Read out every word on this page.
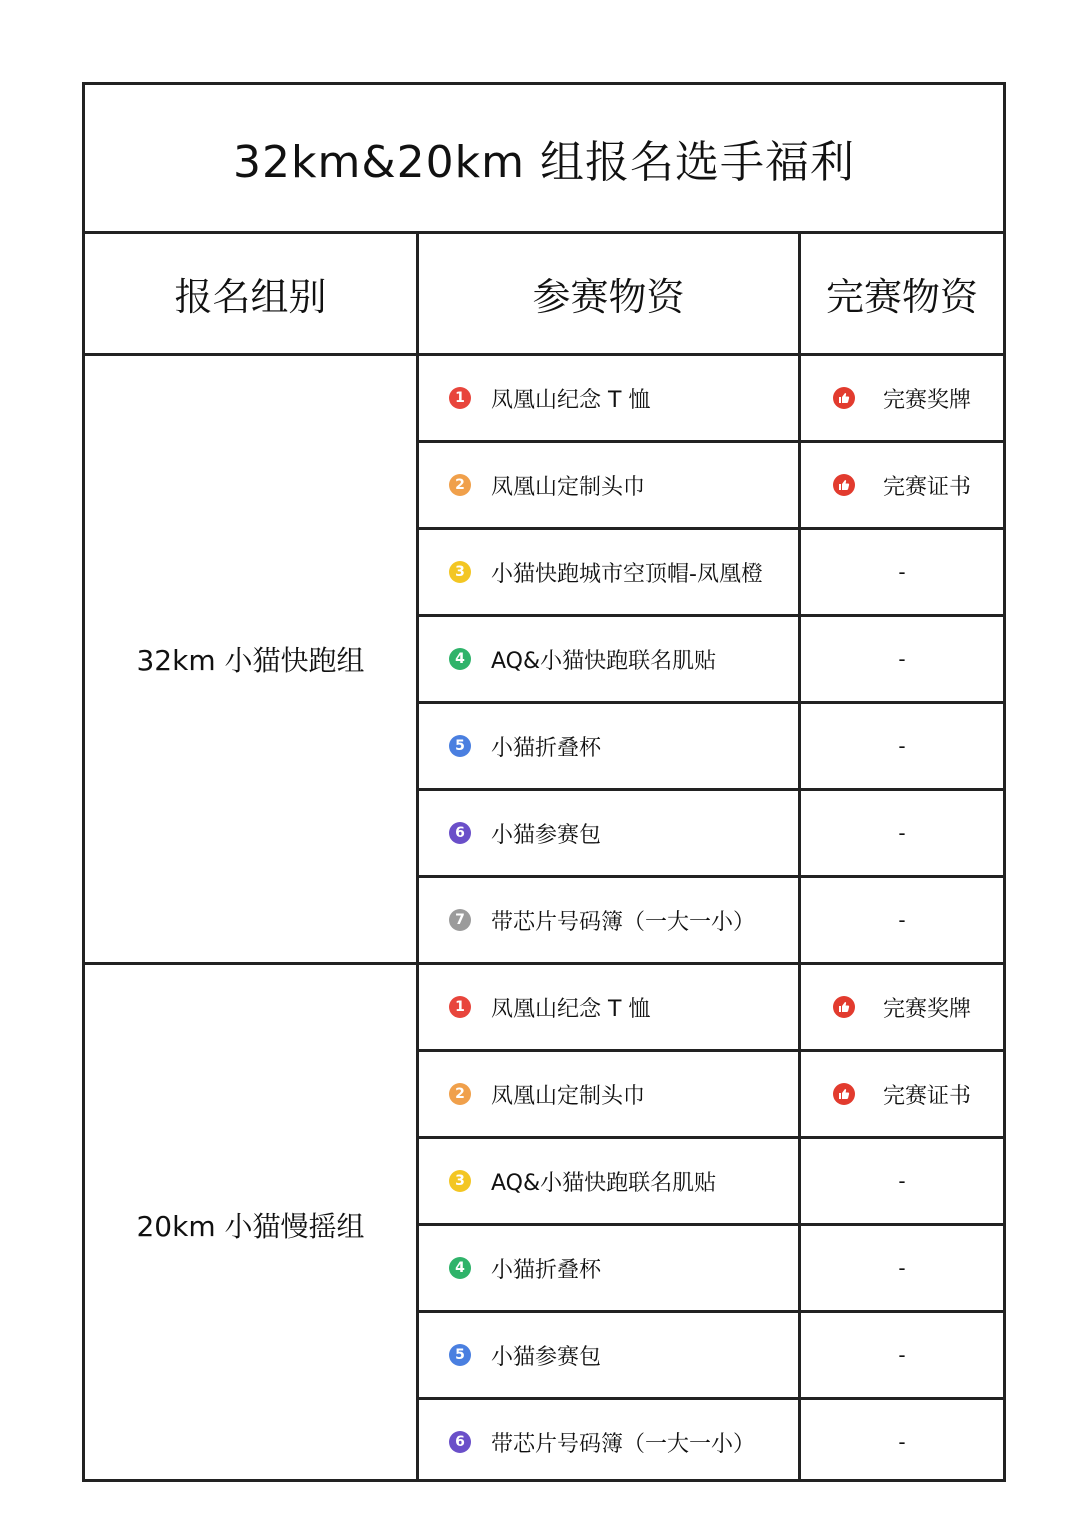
32km&20km 组报名选手福利
报名组别	参赛物资	完赛物资
32km 小猫快跑组
1 凤凰山纪念 T 恤	完赛奖牌
2 凤凰山定制头巾	完赛证书
3 小猫快跑城市空顶帽-凤凰橙	-
4 AQ&小猫快跑联名肌贴	-
5 小猫折叠杯	-
6 小猫参赛包	-
7 带芯片号码簿（一大一小）	-
20km 小猫慢摇组
1 凤凰山纪念 T 恤	完赛奖牌
2 凤凰山定制头巾	完赛证书
3 AQ&小猫快跑联名肌贴	-
4 小猫折叠杯	-
5 小猫参赛包	-
6 带芯片号码簿（一大一小）	-
